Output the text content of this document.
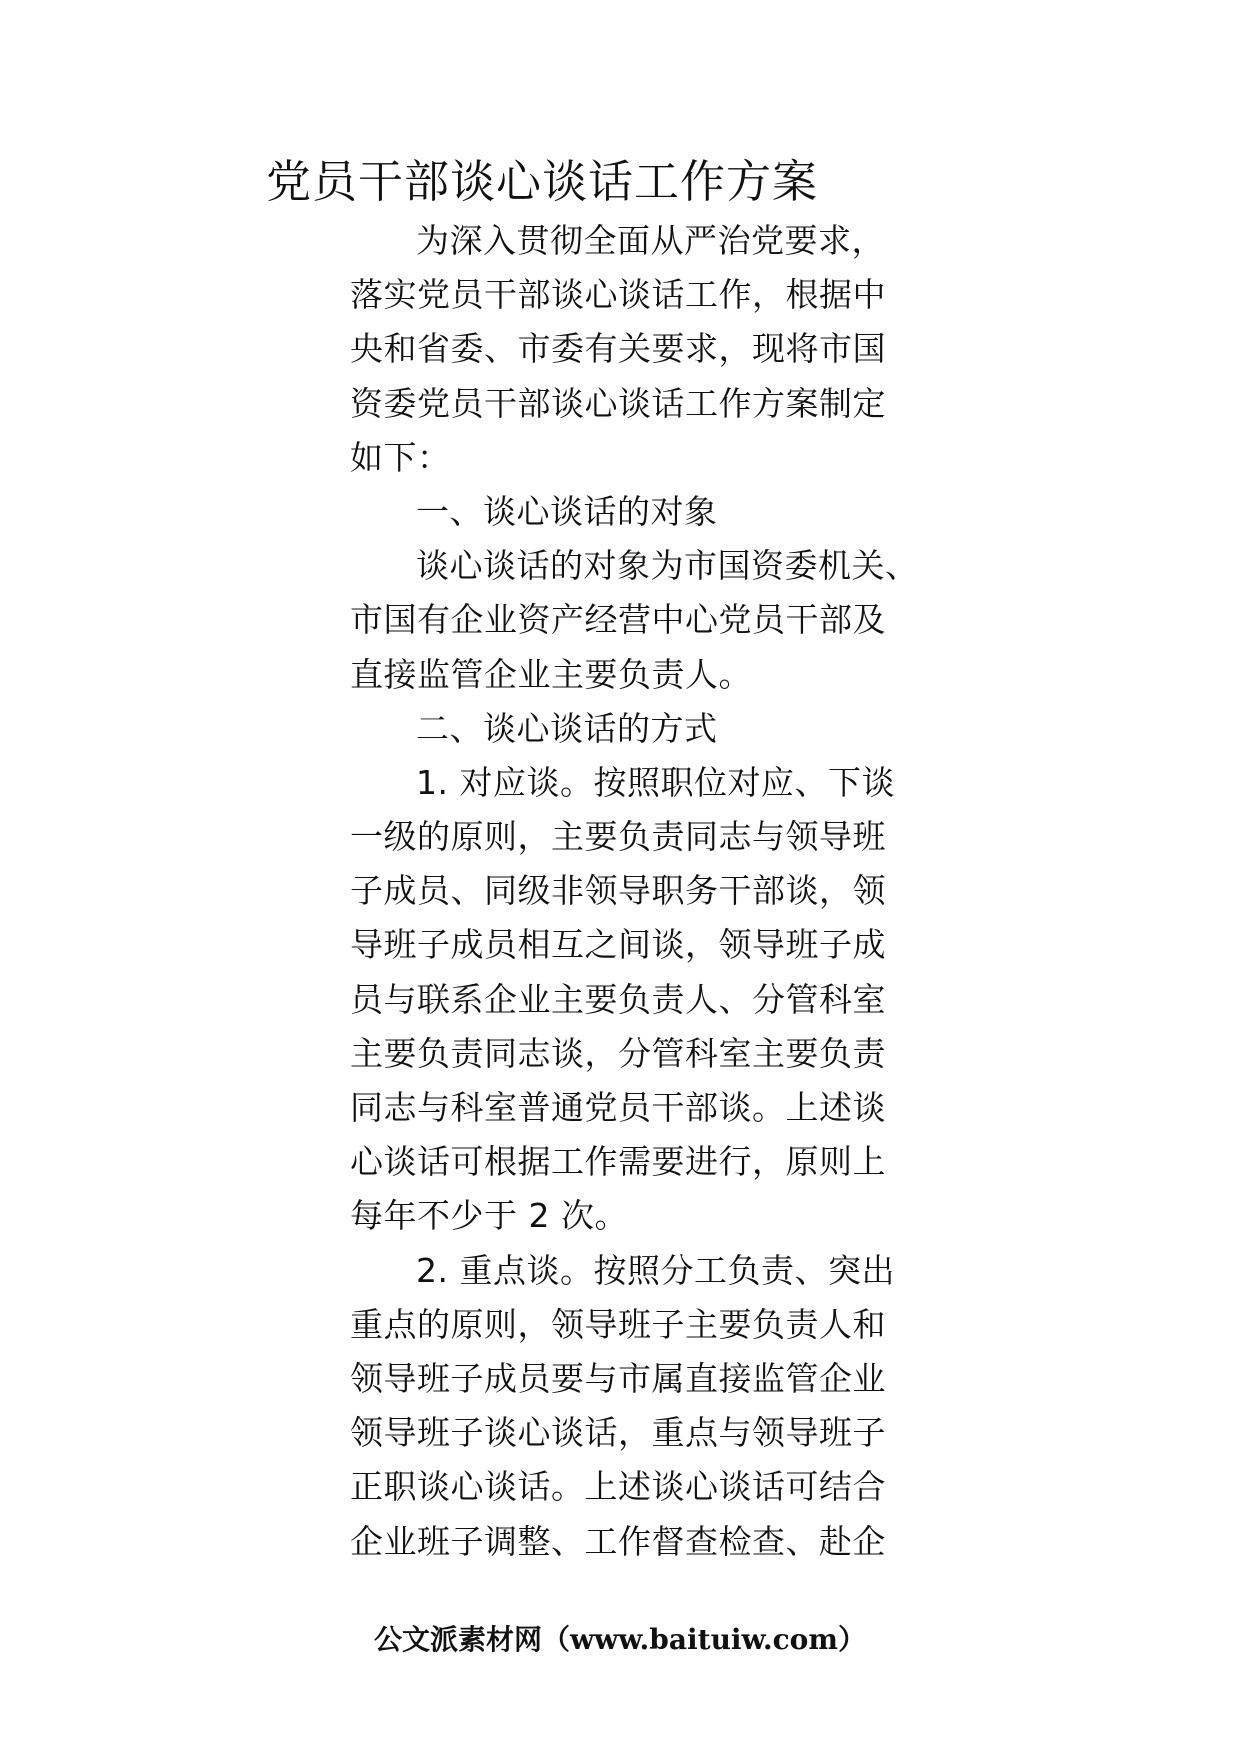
党员干部谈心谈话工作方案
为深入贯彻全面从严治党要求，
落实党员干部谈心谈话工作，根据中
央和省委、市委有关要求，现将市国
资委党员干部谈心谈话工作方案制定
如下：
一、谈心谈话的对象
谈心谈话的对象为市国资委机关、
市国有企业资产经营中心党员干部及
直接监管企业主要负责人。
二、谈心谈话的方式
1. 对应谈。按照职位对应、下谈
一级的原则，主要负责同志与领导班
子成员、同级非领导职务干部谈，领
导班子成员相互之间谈，领导班子成
员与联系企业主要负责人、分管科室
主要负责同志谈，分管科室主要负责
同志与科室普通党员干部谈。上述谈
心谈话可根据工作需要进行，原则上
每年不少于 2 次。
2. 重点谈。按照分工负责、突出
重点的原则，领导班子主要负责人和
领导班子成员要与市属直接监管企业
领导班子谈心谈话，重点与领导班子
正职谈心谈话。上述谈心谈话可结合
企业班子调整、工作督查检查、赴企
公文派素材网（www.baituiw.com）
